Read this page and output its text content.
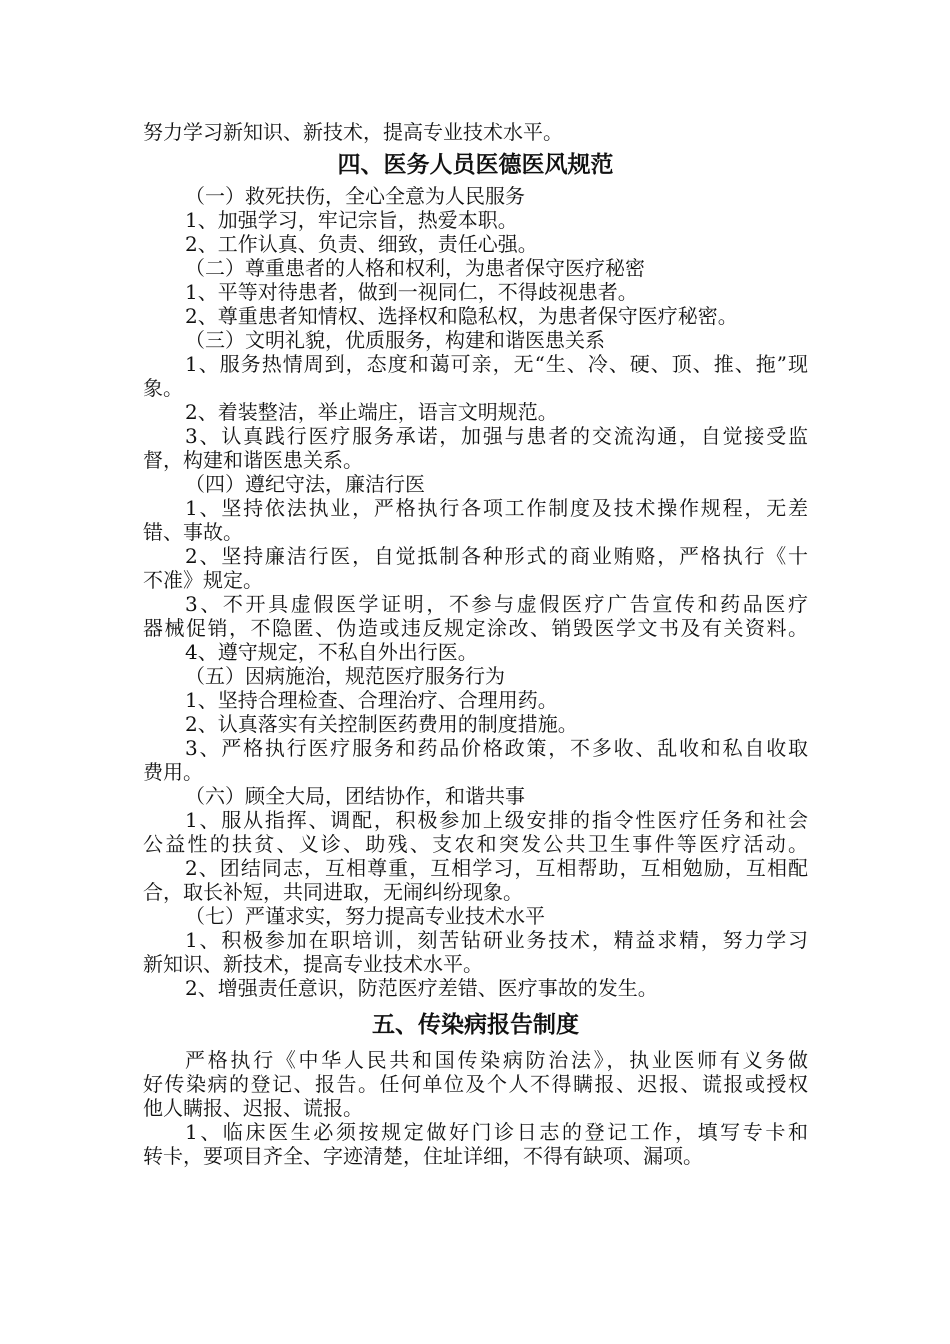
努力学习新知识、新技术，提高专业技术水平。

四、医务人员医德医风规范

（一）救死扶伤，全心全意为人民服务

1、加强学习，牢记宗旨，热爱本职。

2、工作认真、负责、细致，责任心强。

（二）尊重患者的人格和权利，为患者保守医疗秘密

1、平等对待患者，做到一视同仁，不得歧视患者。

2、尊重患者知情权、选择权和隐私权，为患者保守医疗秘密。

（三）文明礼貌，优质服务，构建和谐医患关系

1、服务热情周到，态度和蔼可亲，无“生、冷、硬、顶、推、拖”现

象。

2、着装整洁，举止端庄，语言文明规范。

3、认真践行医疗服务承诺，加强与患者的交流沟通，自觉接受监

督，构建和谐医患关系。

（四）遵纪守法，廉洁行医

1、坚持依法执业，严格执行各项工作制度及技术操作规程，无差

错、事故。

2、坚持廉洁行医，自觉抵制各种形式的商业贿赂，严格执行《十

不准》规定。

3、不开具虚假医学证明，不参与虚假医疗广告宣传和药品医疗

器械促销，不隐匿、伪造或违反规定涂改、销毁医学文书及有关资料。

4、遵守规定，不私自外出行医。

（五）因病施治，规范医疗服务行为

1、坚持合理检查、合理治疗、合理用药。

2、认真落实有关控制医药费用的制度措施。

3、严格执行医疗服务和药品价格政策，不多收、乱收和私自收取

费用。

（六）顾全大局，团结协作，和谐共事

1、服从指挥、调配，积极参加上级安排的指令性医疗任务和社会

公益性的扶贫、义诊、助残、支农和突发公共卫生事件等医疗活动。

2、团结同志，互相尊重，互相学习，互相帮助，互相勉励，互相配

合，取长补短，共同进取，无闹纠纷现象。

（七）严谨求实，努力提高专业技术水平

1、积极参加在职培训，刻苦钻研业务技术，精益求精，努力学习

新知识、新技术，提高专业技术水平。

2、增强责任意识，防范医疗差错、医疗事故的发生。

五、传染病报告制度

严格执行《中华人民共和国传染病防治法》，执业医师有义务做

好传染病的登记、报告。任何单位及个人不得瞒报、迟报、谎报或授权

他人瞒报、迟报、谎报。

1、临床医生必须按规定做好门诊日志的登记工作，填写专卡和

转卡，要项目齐全、字迹清楚，住址详细，不得有缺项、漏项。
